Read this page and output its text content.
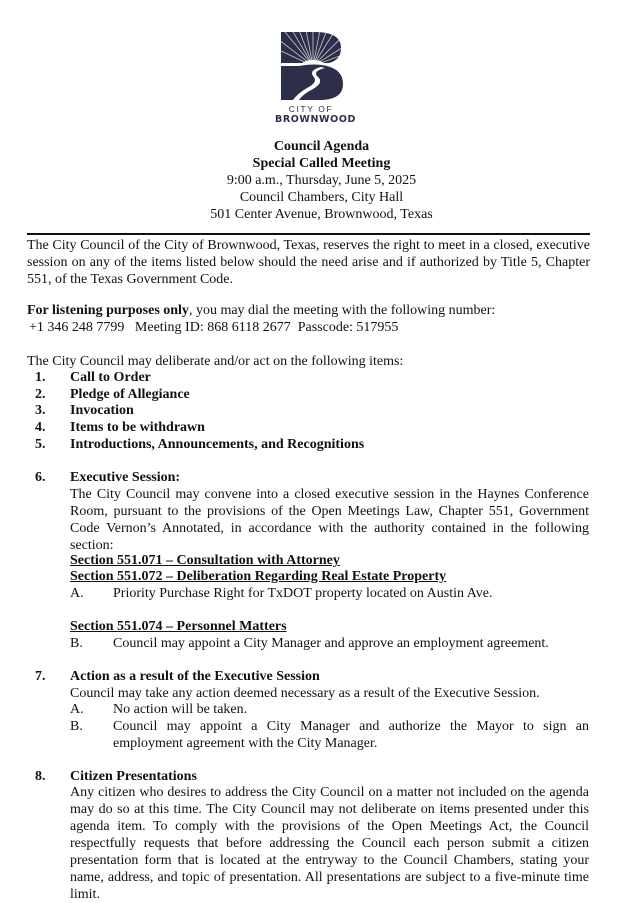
CITY OF
BROWNWOOD
Council Agenda
Special Called Meeting
9:00 a.m., Thursday, June 5, 2025
Council Chambers, City Hall
501 Center Avenue, Brownwood, Texas
The City Council of the City of Brownwood, Texas, reserves the right to meet in a closed, executive session on any of the items listed below should the need arise and if authorized by Title 5, Chapter 551, of the Texas Government Code.
For listening purposes only, you may dial the meeting with the following number:
+1 346 248 7799 Meeting ID: 868 6118 2677 Passcode: 517955
The City Council may deliberate and/or act on the following items:
1. Call to Order
2. Pledge of Allegiance
3. Invocation
4. Items to be withdrawn
5. Introductions, Announcements, and Recognitions
6. Executive Session:
The City Council may convene into a closed executive session in the Haynes Conference Room, pursuant to the provisions of the Open Meetings Law, Chapter 551, Government Code Vernon’s Annotated, in accordance with the authority contained in the following section:
Section 551.071 – Consultation with Attorney
Section 551.072 – Deliberation Regarding Real Estate Property
A. Priority Purchase Right for TxDOT property located on Austin Ave.
Section 551.074 – Personnel Matters
B. Council may appoint a City Manager and approve an employment agreement.
7. Action as a result of the Executive Session
Council may take any action deemed necessary as a result of the Executive Session.
A. No action will be taken.
B. Council may appoint a City Manager and authorize the Mayor to sign an employment agreement with the City Manager.
8. Citizen Presentations
Any citizen who desires to address the City Council on a matter not included on the agenda may do so at this time. The City Council may not deliberate on items presented under this agenda item. To comply with the provisions of the Open Meetings Act, the Council respectfully requests that before addressing the Council each person submit a citizen presentation form that is located at the entryway to the Council Chambers, stating your name, address, and topic of presentation. All presentations are subject to a five-minute time limit.
